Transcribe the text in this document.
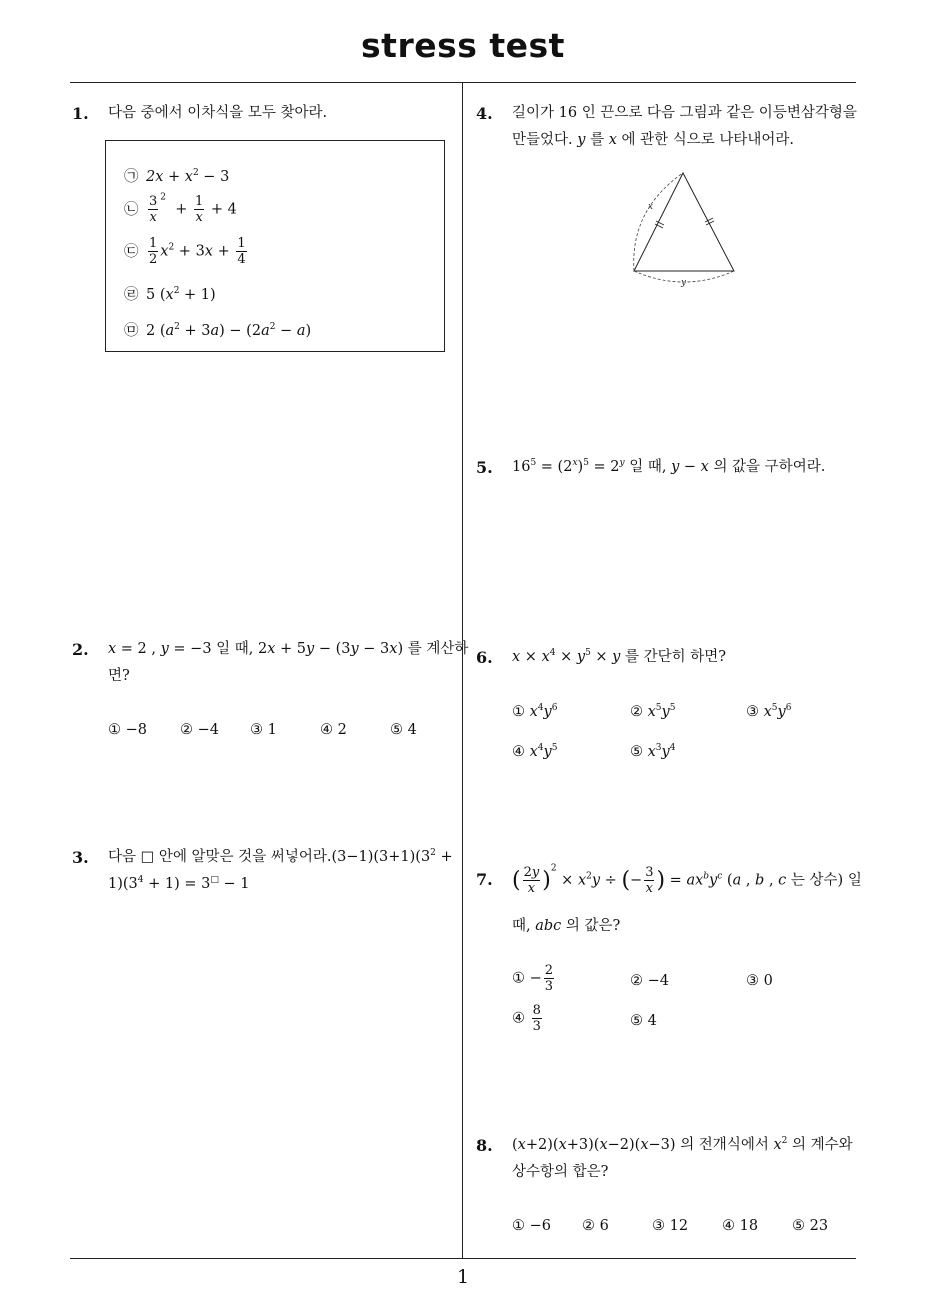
stress test
1. 다음 중에서 이차식을 모두 찾아라.
㉠ $2x + x^2 - 3$
㉡ $\frac{3}{x} ^2 + \frac{1}{x} + 4$
㉢ $\frac{1}{2} x^2 + 3x + \frac{1}{4}$
㉣ 5 $(x^2 + 1)$
㉤ 2 $(a^2 + 3a) - (2a^2 - a)$
2. x = 2 , y = −3 일 때, 2x + 5y − (3y − 3x) 를 계산하
면?
① −8 ② −4 ③ 1	④ 2	⑤ 4
3. 다음 □ 안에 알맞은 것을 써넣어라$.(3-1)(3+1)(3^2$ +
$1)(3^4 + 1) = 3^□ - 1$
4. 길이가 16 인 끈으로 다음 그림과 같은 이등변삼각형을
만들었다. y 를 x 에 관한 식으로 나타내어라.
x
y
5. $16^5 = (2^x)^5 = 2^y$ 일 때, y − x 의 값을 구하여라.
6. $x \times x^4 \times y^5 \times y$ 를 간단히 하면?
① $x^4y^6$	② $x^5y^5$	③ $x^5y^6$
④ $x^4y^5$	⑤ $x^3y^4$
7. ( $\frac{2y}{x} )^2 \times x^2y$ ÷ (− $\frac{3}{x}$ ) = $ax^by^c$ (a , b , c 는 상수) 일
때, abc 의 값은?
① − $\frac{2}{3}$	② −4	③ 0
④ $\frac{8}{3}$	⑤ 4
8. (x+2)(x+3)(x−2)(x−3) 의 전개식에서 $x^2$ 의 계수와
상수항의 합은?
① −6 ② 6	③ 12 ④ 18 ⑤ 23
1
